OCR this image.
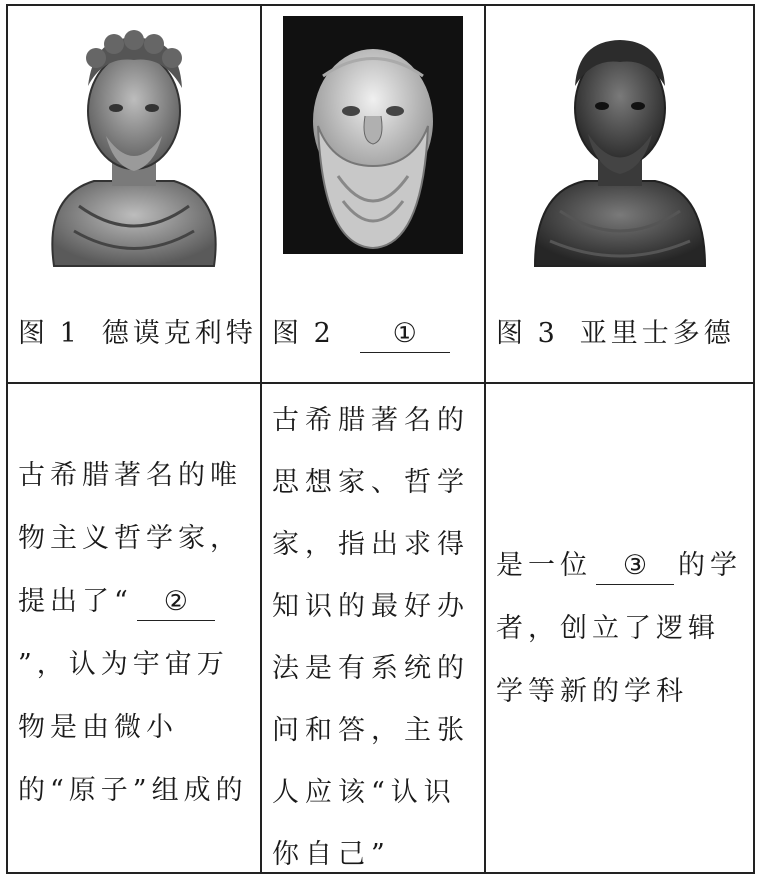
图 1 德谟克利特	图 2 ①	图 3 亚里士多德

古希腊著名的唯物主义哲学家，提出了“ ②”，认为宇宙万物是由微小的“原子”组成的	古希腊著名的思想家、哲学家，指出求得知识的最好办法是有系统的问和答，主张人应该“认识你自己”	是一位 ③ 的学者，创立了逻辑学等新的学科
